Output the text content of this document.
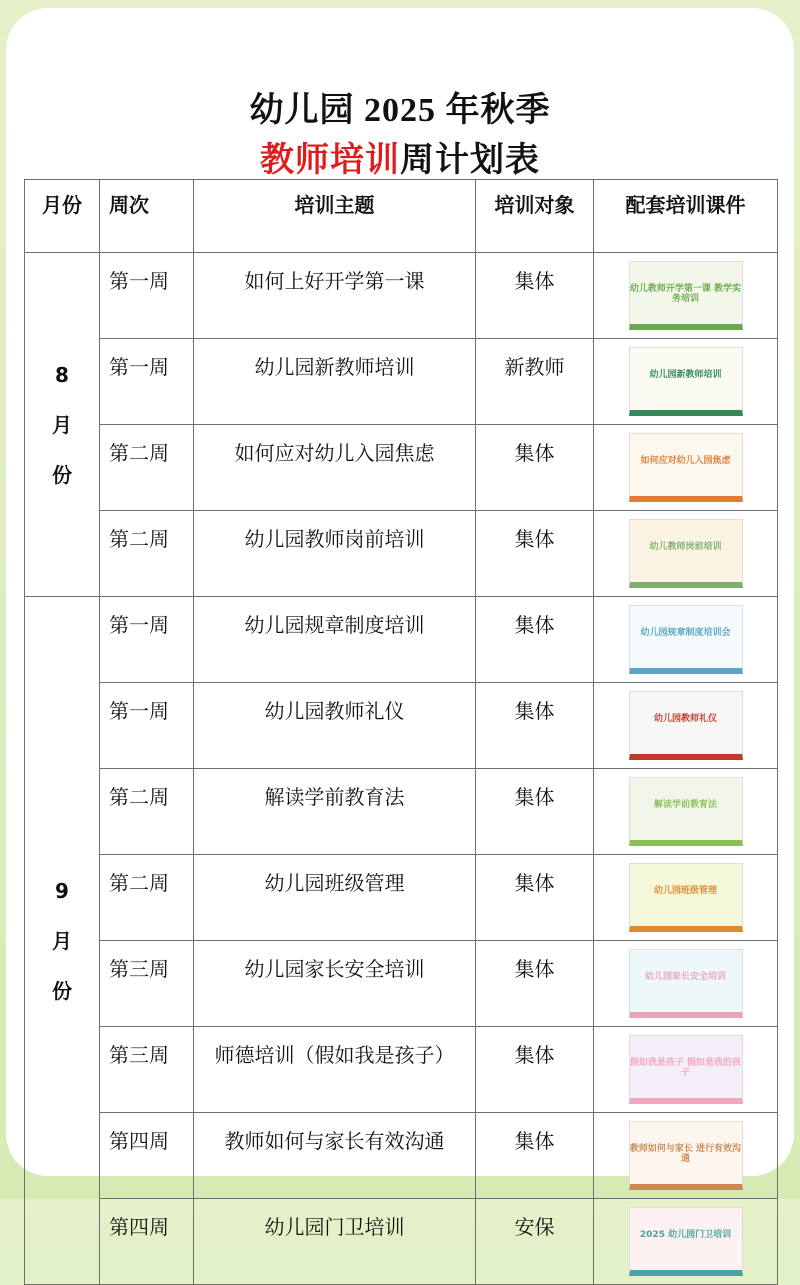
幼儿园 2025 年秋季
教师培训周计划表
月份	周次	培训主题	培训对象	配套培训课件

8
月
份	第一周	如何上好开学第一课	集体	幼儿教师开学第一课 教学实务培训

	第一周	幼儿园新教师培训	新教师	幼儿园新教师培训

	第二周	如何应对幼儿入园焦虑	集体	如何应对幼儿入园焦虑

	第二周	幼儿园教师岗前培训	集体	幼儿教师岗前培训

9
月
份	第一周	幼儿园规章制度培训	集体	幼儿园规章制度培训会

	第一周	幼儿园教师礼仪	集体	幼儿园教师礼仪

	第二周	解读学前教育法	集体	解读学前教育法

	第二周	幼儿园班级管理	集体	幼儿园班级管理

	第三周	幼儿园家长安全培训	集体	幼儿园家长安全培训

	第三周	师德培训（假如我是孩子）	集体	假如我是孩子 假如是我的孩子

	第四周	教师如何与家长有效沟通	集体	教师如何与家长 进行有效沟通

	第四周	幼儿园门卫培训	安保	2025 幼儿园门卫培训
